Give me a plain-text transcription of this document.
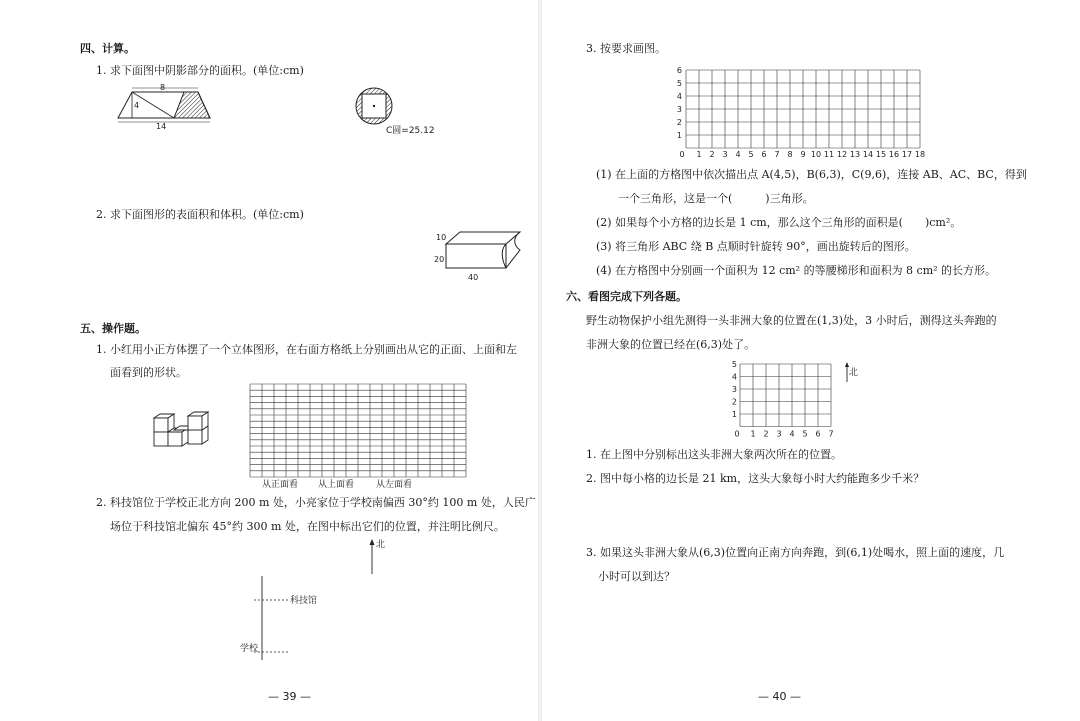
四、计算。
1. 求下面图中阴影部分的面积。(单位:cm)
8
4
14	C圆=25.12
2. 求下面图形的表面积和体积。(单位:cm)
10
20
40
五、操作题。
1. 小红用小正方体摆了一个立体图形，在右面方格纸上分别画出从它的正面、上面和左
面看到的形状。
从正面看 从上面看 从左面看
2. 科技馆位于学校正北方向 200 m 处，小亮家位于学校南偏西 30°约 100 m 处，人民广
场位于科技馆北偏东 45°约 300 m 处，在图中标出它们的位置，并注明比例尺。
北
科技馆
学校
— 39 —
3. 按要求画图。
0 1 2 3 4 5 6 7 8 9 10 11 12 13 14 15 16 17 18
1
2
3
4
5
6
(1) 在上面的方格图中依次描出点 A(4,5)，B(6,3)，C(9,6)，连接 AB、AC、BC，得到
一个三角形，这是一个(　　　)三角形。
(2) 如果每个小方格的边长是 1 cm，那么这个三角形的面积是(　　)cm²。
(3) 将三角形 ABC 绕 B 点顺时针旋转 90°，画出旋转后的图形。
(4) 在方格图中分别画一个面积为 12 cm² 的等腰梯形和面积为 8 cm² 的长方形。
六、看图完成下列各题。
野生动物保护小组先测得一头非洲大象的位置在(1,3)处，3 小时后，测得这头奔跑的
非洲大象的位置已经在(6,3)处了。
0 1 2 3 4 5 6 7
1
2
3
4
5
北
1. 在上图中分别标出这头非洲大象两次所在的位置。
2. 图中每小格的边长是 21 km，这头大象每小时大约能跑多少千米？
3. 如果这头非洲大象从(6,3)位置向正南方向奔跑，到(6,1)处喝水，照上面的速度，几
小时可以到达？
— 40 —
